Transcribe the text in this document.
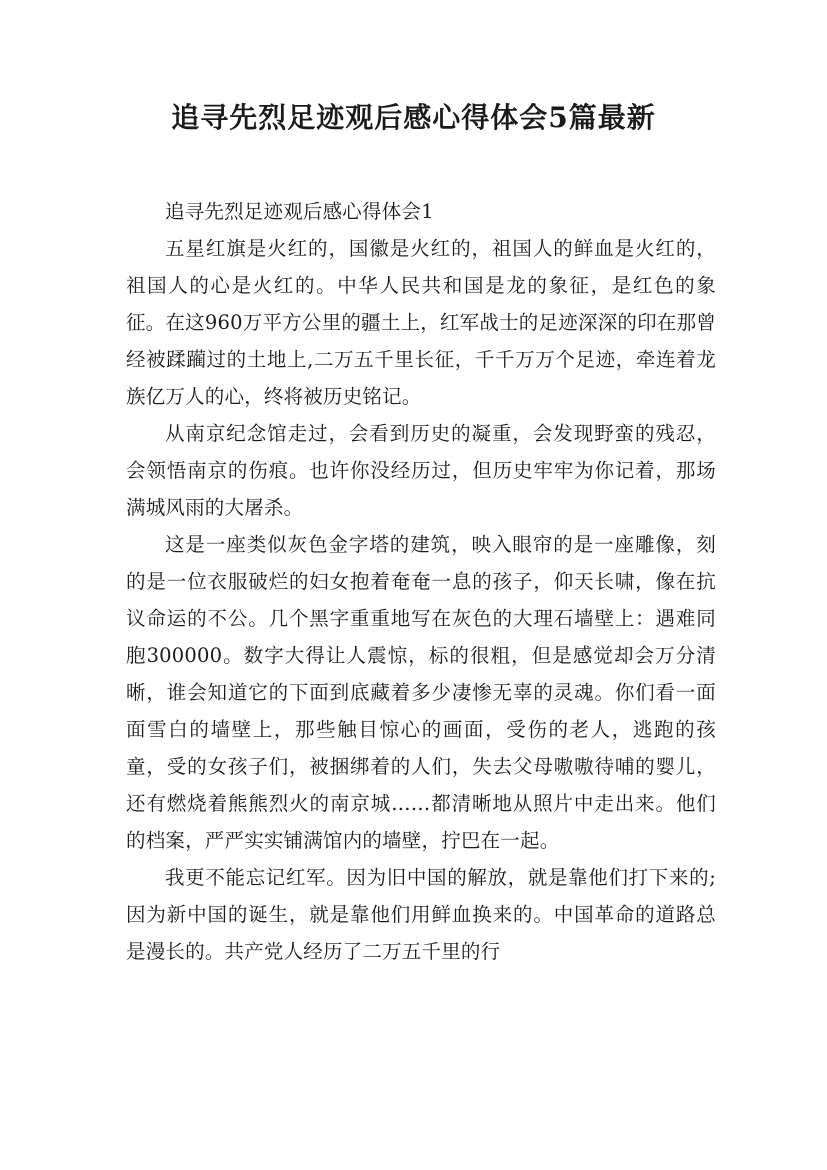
追寻先烈足迹观后感心得体会5篇最新

追寻先烈足迹观后感心得体会1

五星红旗是火红的，国徽是火红的，祖国人的鲜血是火红的，祖国人的心是火红的。中华人民共和国是龙的象征，是红色的象征。在这960万平方公里的疆土上，红军战士的足迹深深的印在那曾经被蹂躏过的土地上,二万五千里长征，千千万万个足迹，牵连着龙族亿万人的心，终将被历史铭记。

从南京纪念馆走过，会看到历史的凝重，会发现野蛮的残忍，会领悟南京的伤痕。也许你没经历过，但历史牢牢为你记着，那场满城风雨的大屠杀。

这是一座类似灰色金字塔的建筑，映入眼帘的是一座雕像，刻的是一位衣服破烂的妇女抱着奄奄一息的孩子，仰天长啸，像在抗议命运的不公。几个黑字重重地写在灰色的大理石墙壁上：遇难同胞300000。数字大得让人震惊，标的很粗，但是感觉却会万分清晰，谁会知道它的下面到底藏着多少凄惨无辜的灵魂。你们看一面面雪白的墙壁上，那些触目惊心的画面，受伤的老人，逃跑的孩童，受的女孩子们，被捆绑着的人们，失去父母嗷嗷待哺的婴儿，还有燃烧着熊熊烈火的南京城……都清晰地从照片中走出来。他们的档案，严严实实铺满馆内的墙壁，拧巴在一起。

我更不能忘记红军。因为旧中国的解放，就是靠他们打下来的;因为新中国的诞生，就是靠他们用鲜血换来的。中国革命的道路总是漫长的。共产党人经历了二万五千里的行
